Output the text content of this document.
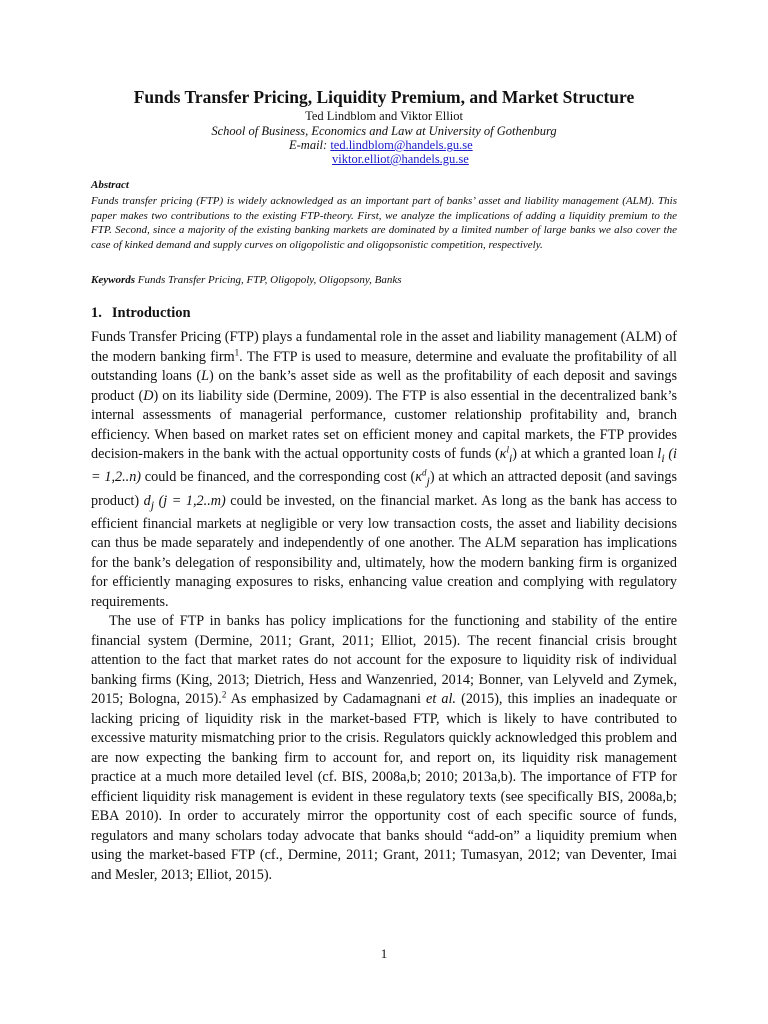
Funds Transfer Pricing, Liquidity Premium, and Market Structure
Ted Lindblom and Viktor Elliot
School of Business, Economics and Law at University of Gothenburg
E-mail: ted.lindblom@handels.gu.se
viktor.elliot@handels.gu.se
Abstract
Funds transfer pricing (FTP) is widely acknowledged as an important part of banks’ asset and liability management (ALM). This paper makes two contributions to the existing FTP-theory. First, we analyze the implications of adding a liquidity premium to the FTP. Second, since a majority of the existing banking markets are dominated by a limited number of large banks we also cover the case of kinked demand and supply curves on oligopolistic and oligopsonistic competition, respectively.
Keywords Funds Transfer Pricing, FTP, Oligopoly, Oligopsony, Banks
1. Introduction

Funds Transfer Pricing (FTP) plays a fundamental role in the asset and liability management (ALM) of the modern banking firm$^1$. The FTP is used to measure, determine and evaluate the profitability of all outstanding loans (L) on the bank’s asset side as well as the profitability of each deposit and savings product (D) on its liability side (Dermine, 2009). The FTP is also essential in the decentralized bank’s internal assessments of managerial performance, customer relationship profitability and, branch efficiency. When based on market rates set on efficient money and capital markets, the FTP provides decision-makers in the bank with the actual opportunity costs of funds $(\kappa^l_i)$ at which a granted loan $l_i$ (i = 1,2..n) could be financed, and the corresponding cost $(\kappa^d_j)$ at which an attracted deposit (and savings product) $d_j$ (j = 1,2..m) could be invested, on the financial market. As long as the bank has access to efficient financial markets at negligible or very low transaction costs, the asset and liability decisions can thus be made separately and independently of one another. The ALM separation has implications for the bank’s delegation of responsibility and, ultimately, how the modern banking firm is organized for efficiently managing exposures to risks, enhancing value creation and complying with regulatory requirements.

The use of FTP in banks has policy implications for the functioning and stability of the entire financial system (Dermine, 2011; Grant, 2011; Elliot, 2015). The recent financial crisis brought attention to the fact that market rates do not account for the exposure to liquidity risk of individual banking firms (King, 2013; Dietrich, Hess and Wanzenried, 2014; Bonner, van Lelyveld and Zymek, 2015; Bologna, 2015).$^2$ As emphasized by Cadamagnani et al. (2015), this implies an inadequate or lacking pricing of liquidity risk in the market-based FTP, which is likely to have contributed to excessive maturity mismatching prior to the crisis. Regulators quickly acknowledged this problem and are now expecting the banking firm to account for, and report on, its liquidity risk management practice at a much more detailed level (cf. BIS, 2008a,b; 2010; 2013a,b). The importance of FTP for efficient liquidity risk management is evident in these regulatory texts (see specifically BIS, 2008a,b; EBA 2010). In order to accurately mirror the opportunity cost of each specific source of funds, regulators and many scholars today advocate that banks should “add-on” a liquidity premium when using the market-based FTP (cf., Dermine, 2011; Grant, 2011; Tumasyan, 2012; van Deventer, Imai and Mesler, 2013; Elliot, 2015).

1
